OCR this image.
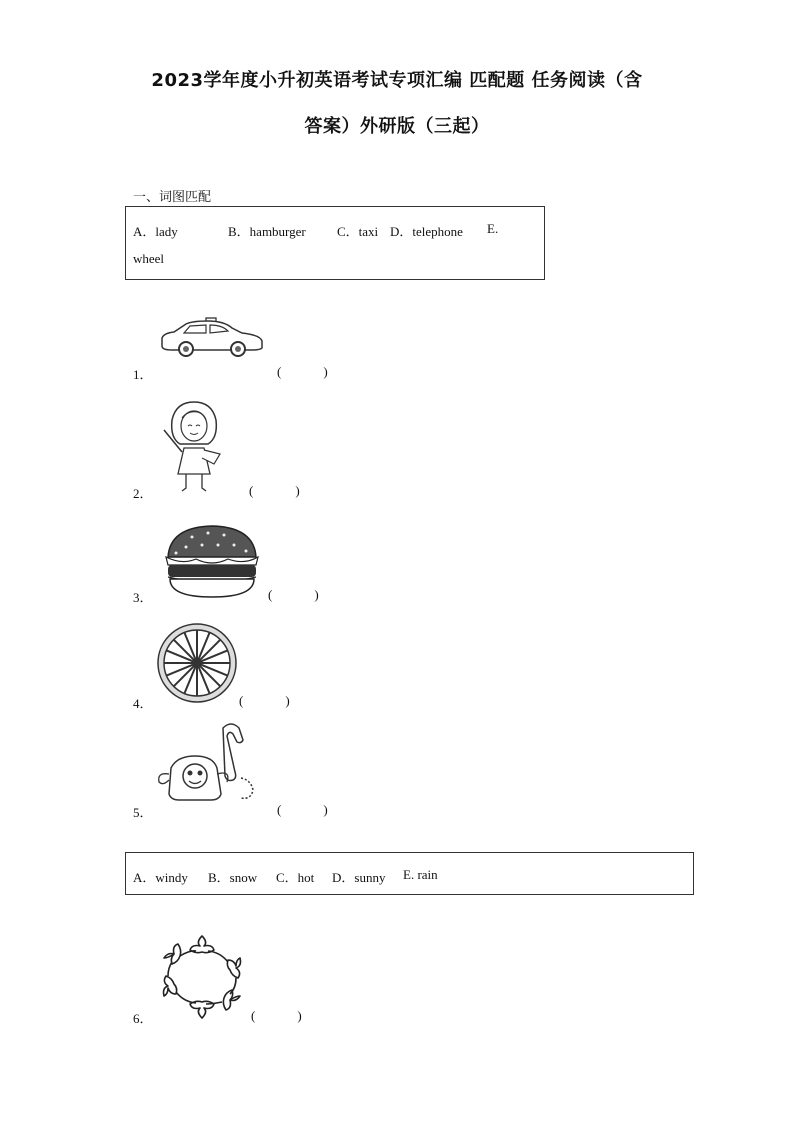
2023学年度小升初英语考试专项汇编 匹配题 任务阅读（含
答案）外研版（三起）
一、词图匹配
A．lady	B．hamburger C．taxi D．telephone E.
wheel
1．	(	)
2．	(	)
3．	(	)
4．	(	)
5．	(	)
A．windy B．snow C．hot D．sunny E. rain
6．	(	)
